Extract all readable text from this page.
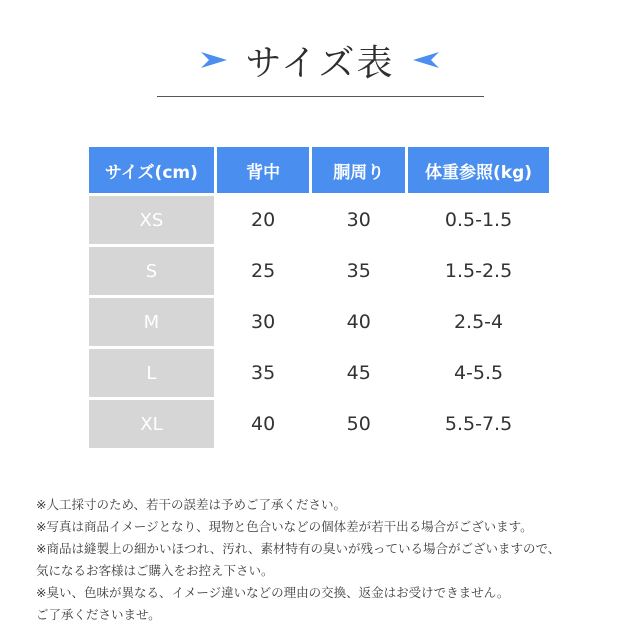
サイズ表
サイズ(cm)	背中	胴周り	体重参照(kg)
XS	20	30	0.5-1.5
S	25	35	1.5-2.5
M	30	40	2.5-4
L	35	45	4-5.5
XL	40	50	5.5-7.5

※人工採寸のため、若干の誤差は予めご了承ください。

※写真は商品イメージとなり、現物と色合いなどの個体差が若干出る場合がございます。

※商品は縫製上の細かいほつれ、汚れ、素材特有の臭いが残っている場合がございますので、

気になるお客様はご購入をお控え下さい。

※臭い、色味が異なる、イメージ違いなどの理由の交換、返金はお受けできません。

ご了承くださいませ。
